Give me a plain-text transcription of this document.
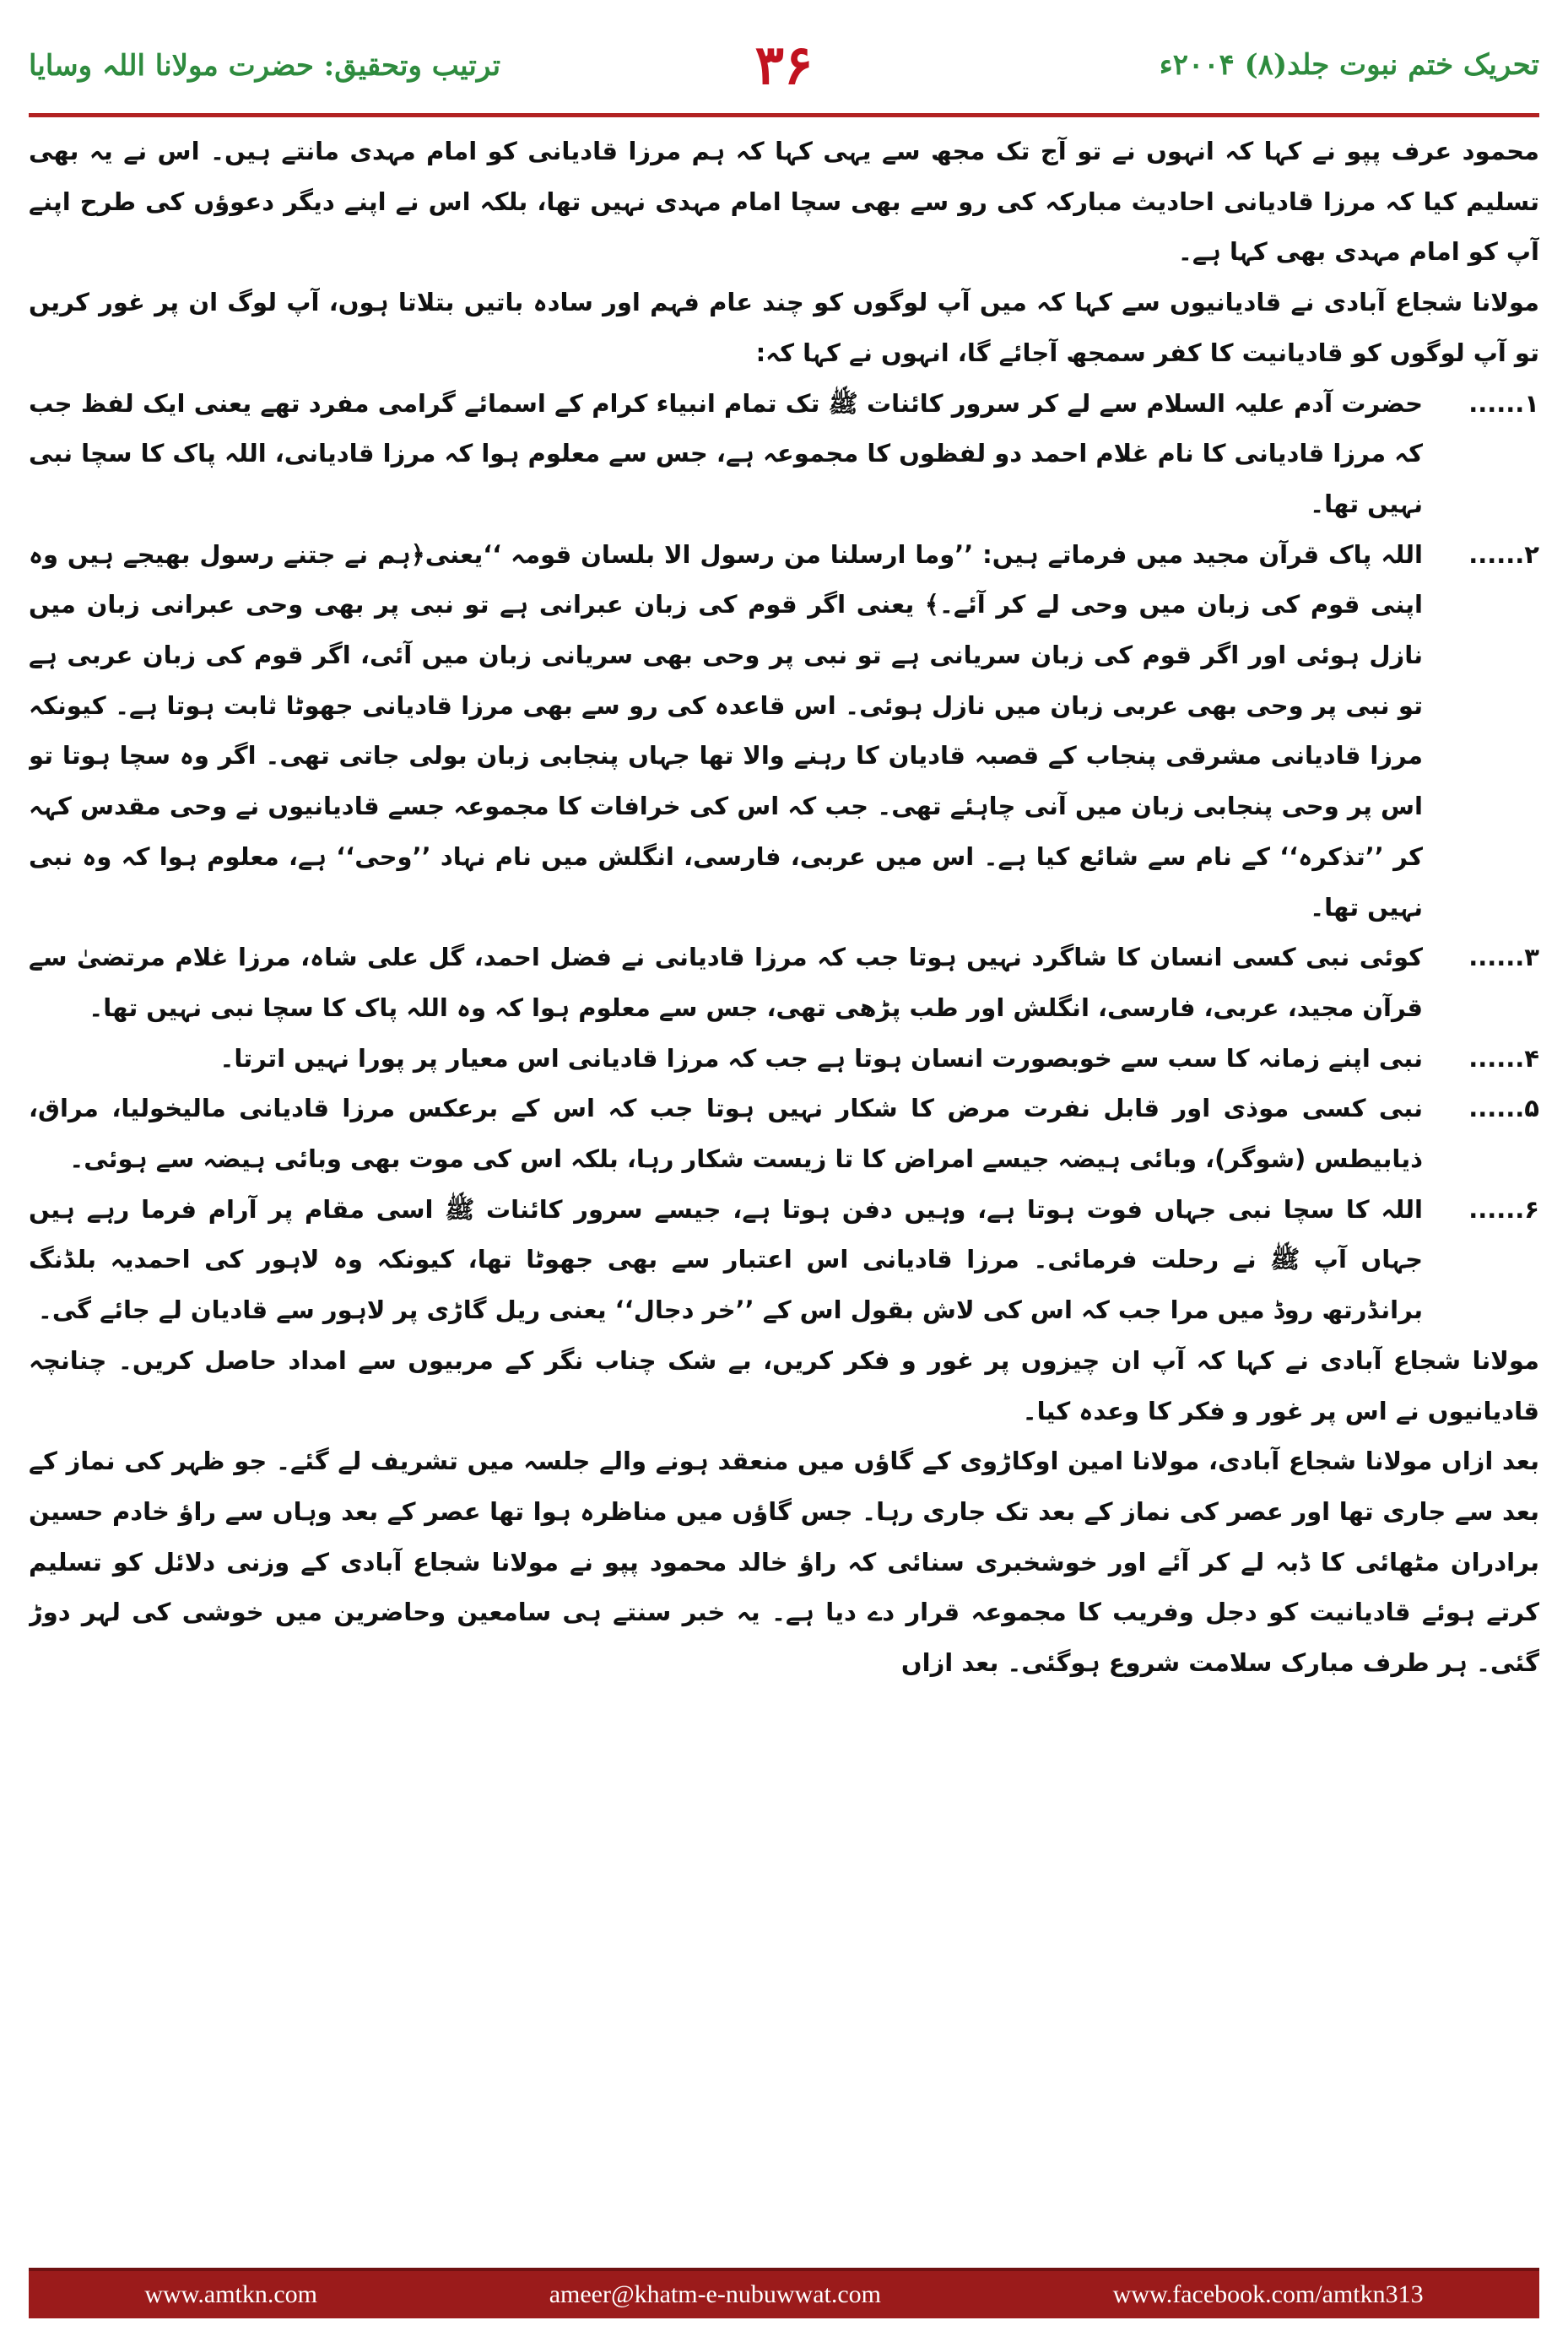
ترتیب وتحقیق: حضرت مولانا اللہ وسایا	۳۶	تحریک ختم نبوت جلد(۸) ۲۰۰۴ء

محمود عرف پپو نے کہا کہ انہوں نے تو آج تک مجھ سے یہی کہا کہ ہم مرزا قادیانی کو امام مہدی مانتے ہیں۔ اس نے یہ بھی تسلیم کیا کہ مرزا قادیانی احادیث مبارکہ کی رو سے بھی سچا امام مہدی نہیں تھا، بلکہ اس نے اپنے دیگر دعوؤں کی طرح اپنے آپ کو امام مہدی بھی کہا ہے۔

مولانا شجاع آبادی نے قادیانیوں سے کہا کہ میں آپ لوگوں کو چند عام فہم اور سادہ باتیں بتلاتا ہوں، آپ لوگ ان پر غور کریں تو آپ لوگوں کو قادیانیت کا کفر سمجھ آجائے گا، انہوں نے کہا کہ:

۱......

حضرت آدم علیہ السلام سے لے کر سرور کائنات ﷺ تک تمام انبیاء کرام کے اسمائے گرامی مفرد تھے یعنی ایک لفظ جب کہ مرزا قادیانی کا نام غلام احمد دو لفظوں کا مجموعہ ہے، جس سے معلوم ہوا کہ مرزا قادیانی، اللہ پاک کا سچا نبی نہیں تھا۔

۲......

اللہ پاک قرآن مجید میں فرماتے ہیں: ’’وما ارسلنا من رسول الا بلسان قومہ ‘‘یعنی﴿ہم نے جتنے رسول بھیجے ہیں وہ اپنی قوم کی زبان میں وحی لے کر آئے۔﴾ یعنی اگر قوم کی زبان عبرانی ہے تو نبی پر بھی وحی عبرانی زبان میں نازل ہوئی اور اگر قوم کی زبان سریانی ہے تو نبی پر وحی بھی سریانی زبان میں آئی، اگر قوم کی زبان عربی ہے تو نبی پر وحی بھی عربی زبان میں نازل ہوئی۔ اس قاعدہ کی رو سے بھی مرزا قادیانی جھوٹا ثابت ہوتا ہے۔ کیونکہ مرزا قادیانی مشرقی پنجاب کے قصبہ قادیان کا رہنے والا تھا جہاں پنجابی زبان بولی جاتی تھی۔ اگر وہ سچا ہوتا تو اس پر وحی پنجابی زبان میں آنی چاہئے تھی۔ جب کہ اس کی خرافات کا مجموعہ جسے قادیانیوں نے وحی مقدس کہہ کر ’’تذکرہ‘‘ کے نام سے شائع کیا ہے۔ اس میں عربی، فارسی، انگلش میں نام نہاد ’’وحی‘‘ ہے، معلوم ہوا کہ وہ نبی نہیں تھا۔

۳......

کوئی نبی کسی انسان کا شاگرد نہیں ہوتا جب کہ مرزا قادیانی نے فضل احمد، گل علی شاہ، مرزا غلام مرتضیٰ سے قرآن مجید، عربی، فارسی، انگلش اور طب پڑھی تھی، جس سے معلوم ہوا کہ وہ اللہ پاک کا سچا نبی نہیں تھا۔

۴......

نبی اپنے زمانہ کا سب سے خوبصورت انسان ہوتا ہے جب کہ مرزا قادیانی اس معیار پر پورا نہیں اترتا۔

۵......

نبی کسی موذی اور قابل نفرت مرض کا شکار نہیں ہوتا جب کہ اس کے برعکس مرزا قادیانی مالیخولیا، مراق، ذیابیطس (شوگر)، وبائی ہیضہ جیسے امراض کا تا زیست شکار رہا، بلکہ اس کی موت بھی وبائی ہیضہ سے ہوئی۔

۶......

اللہ کا سچا نبی جہاں فوت ہوتا ہے، وہیں دفن ہوتا ہے، جیسے سرور کائنات ﷺ اسی مقام پر آرام فرما رہے ہیں جہاں آپ ﷺ نے رحلت فرمائی۔ مرزا قادیانی اس اعتبار سے بھی جھوٹا تھا، کیونکہ وہ لاہور کی احمدیہ بلڈنگ برانڈرتھ روڈ میں مرا جب کہ اس کی لاش بقول اس کے ’’خر دجال‘‘ یعنی ریل گاڑی پر لاہور سے قادیان لے جائے گی۔

مولانا شجاع آبادی نے کہا کہ آپ ان چیزوں پر غور و فکر کریں، بے شک چناب نگر کے مربیوں سے امداد حاصل کریں۔ چنانچہ قادیانیوں نے اس پر غور و فکر کا وعدہ کیا۔

بعد ازاں مولانا شجاع آبادی، مولانا امین اوکاڑوی کے گاؤں میں منعقد ہونے والے جلسہ میں تشریف لے گئے۔ جو ظہر کی نماز کے بعد سے جاری تھا اور عصر کی نماز کے بعد تک جاری رہا۔ جس گاؤں میں مناظرہ ہوا تھا عصر کے بعد وہاں سے راؤ خادم حسین برادران مٹھائی کا ڈبہ لے کر آئے اور خوشخبری سنائی کہ راؤ خالد محمود پپو نے مولانا شجاع آبادی کے وزنی دلائل کو تسلیم کرتے ہوئے قادیانیت کو دجل وفریب کا مجموعہ قرار دے دیا ہے۔ یہ خبر سنتے ہی سامعین وحاضرین میں خوشی کی لہر دوڑ گئی۔ ہر طرف مبارک سلامت شروع ہوگئی۔ بعد ازاں

www.amtkn.com	ameer@khatm-e-nubuwwat.com	www.facebook.com/amtkn313
